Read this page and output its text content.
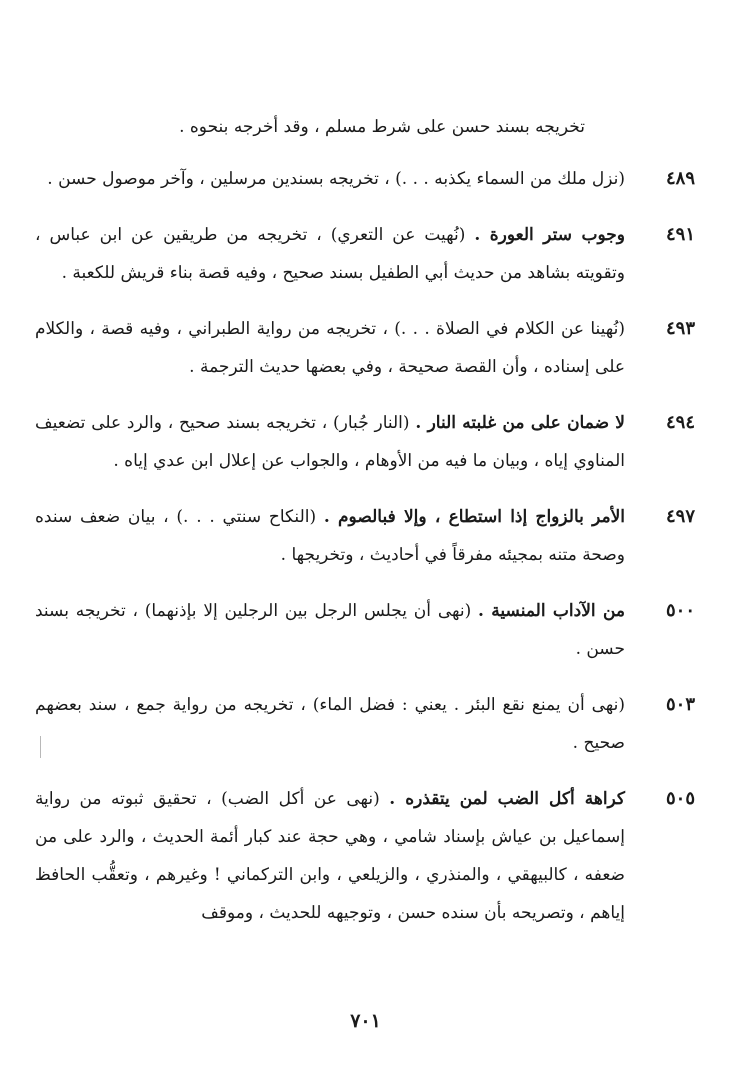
تخريجه بسند حسن على شرط مسلم ، وقد أخرجه بنحوه .
٤٨٩
(نزل ملك من السماء يكذبه . . .) ، تخريجه بسندين مرسلين ، وآخر موصول حسن .
٤٩١
وجوب ستر العورة . (نُهيت عن التعري) ، تخريجه من طريقين عن ابن عباس ، وتقويته بشاهد من حديث أبي الطفيل بسند صحيح ، وفيه قصة بناء قريش للكعبة .
٤٩٣
(نُهينا عن الكلام في الصلاة . . .) ، تخريجه من رواية الطبراني ، وفيه قصة ، والكلام على إسناده ، وأن القصة صحيحة ، وفي بعضها حديث الترجمة .
٤٩٤
لا ضمان على من غلبته النار . (النار جُبار) ، تخريجه بسند صحيح ، والرد على تضعيف المناوي إياه ، وبيان ما فيه من الأوهام ، والجواب عن إعلال ابن عدي إياه .
٤٩٧
الأمر بالزواج إذا استطاع ، وإلا فبالصوم . (النكاح سنتي . . .) ، بيان ضعف سنده وصحة متنه بمجيئه مفرقاً في أحاديث ، وتخريجها .
٥٠٠
من الآداب المنسية . (نهى أن يجلس الرجل بين الرجلين إلا بإذنهما) ، تخريجه بسند حسن .
٥٠٣
(نهى أن يمنع نقع البئر . يعني : فضل الماء) ، تخريجه من رواية جمع ، سند بعضهم صحيح .
٥٠٥
كراهة أكل الضب لمن يتقذره . (نهى عن أكل الضب) ، تحقيق ثبوته من رواية إسماعيل بن عياش بإسناد شامي ، وهي حجة عند كبار أئمة الحديث ، والرد على من ضعفه ، كالبيهقي ، والمنذري ، والزيلعي ، وابن التركماني ! وغيرهم ، وتعقُّب الحافظ إياهم ، وتصريحه بأن سنده حسن ، وتوجيهه للحديث ، وموقف
٧٠١
